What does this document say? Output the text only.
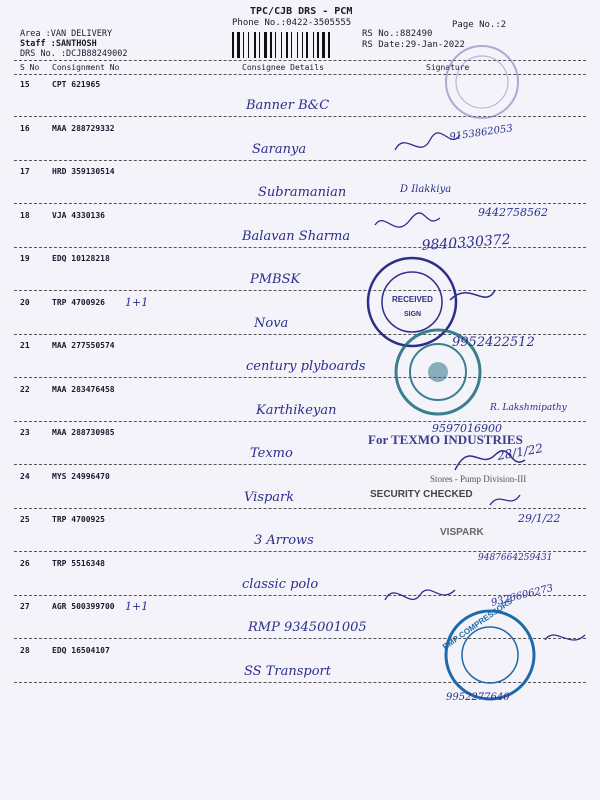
TPC/CJB DRS - PCM
Phone No.:0422-3505555	Page No.:2
Area :VAN DELIVERY
Staff :SANTHOSH
DRS No. :DCJB88249002
RS No.:882490
RS Date:29-Jan-2022
S No Consignment No	Consignee Details	Signature
15	CPT 621965
Banner B&C
16	MAA 288729332
Saranya
17	HRD 359130514
Subramanian
18	VJA 4330136
Balavan Sharma
19	EDQ 10128218
PMBSK
20	TRP 4700926 1+1
Nova
21	MAA 277550574
century plyboards
22	MAA 283476458
Karthikeyan
23	MAA 288730985
Texmo
24	MYS 24996470
Vispark
25	TRP 4700925
3 Arrows
26	TRP 5516348
classic polo
27	AGR 500399700 1+1
RMP 9345001005
28	EDQ 16504107
SS Transport
RECEIVED
SIGN
RMP COMPRESSORS
For TEXMO INDUSTRIES
Stores - Pump Division-III
SECURITY CHECKED
VISPARK
9153862053
D Ilakkiya
9442758562
9840330372
9952422512
R. Lakshmipathy
9597016900
28/1/22
29/1/22
9487664259431
9326606273
9952277640
